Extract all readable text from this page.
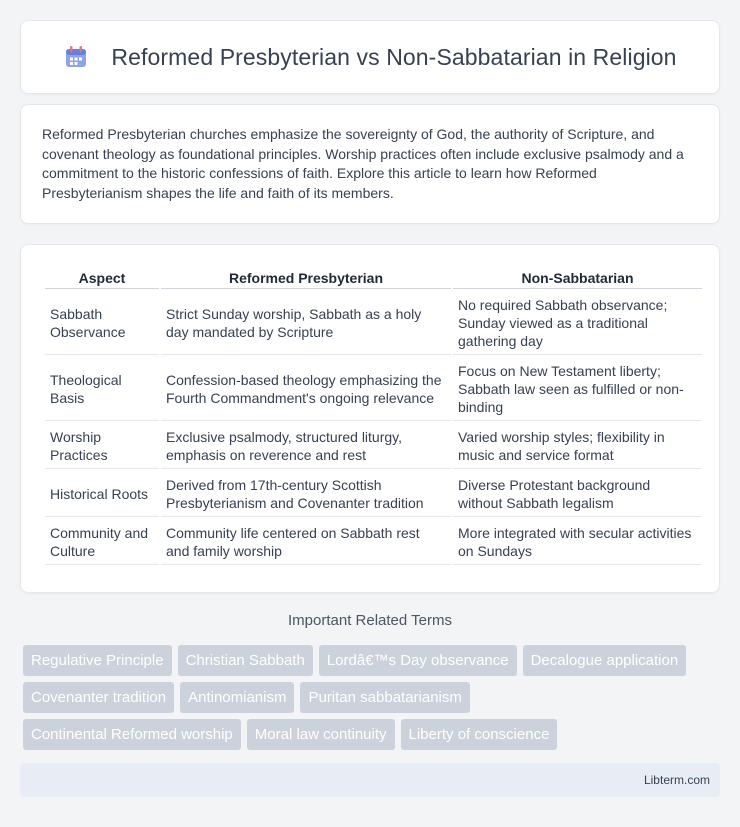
Reformed Presbyterian vs Non-Sabbatarian in Religion

Reformed Presbyterian churches emphasize the sovereignty of God, the authority of Scripture, and covenant theology as foundational principles. Worship practices often include exclusive psalmody and a commitment to the historic confessions of faith. Explore this article to learn how Reformed Presbyterianism shapes the life and faith of its members.

Aspect	Reformed Presbyterian	Non-Sabbatarian
Sabbath Observance	Strict Sunday worship, Sabbath as a holy day mandated by Scripture	No required Sabbath observance; Sunday viewed as a traditional gathering day
Theological Basis	Confession-based theology emphasizing the Fourth Commandment's ongoing relevance	Focus on New Testament liberty; Sabbath law seen as fulfilled or non-binding
Worship Practices	Exclusive psalmody, structured liturgy, emphasis on reverence and rest	Varied worship styles; flexibility in music and service format
Historical Roots	Derived from 17th-century Scottish Presbyterianism and Covenanter tradition	Diverse Protestant background without Sabbath legalism
Community and Culture	Community life centered on Sabbath rest and family worship	More integrated with secular activities on Sundays
Important Related Terms
Regulative Principle	Christian Sabbath	Lordâ€™s Day observance	Decalogue application
Covenanter tradition	Antinomianism	Puritan sabbatarianism
Continental Reformed worship	Moral law continuity	Liberty of conscience
Libterm.com
